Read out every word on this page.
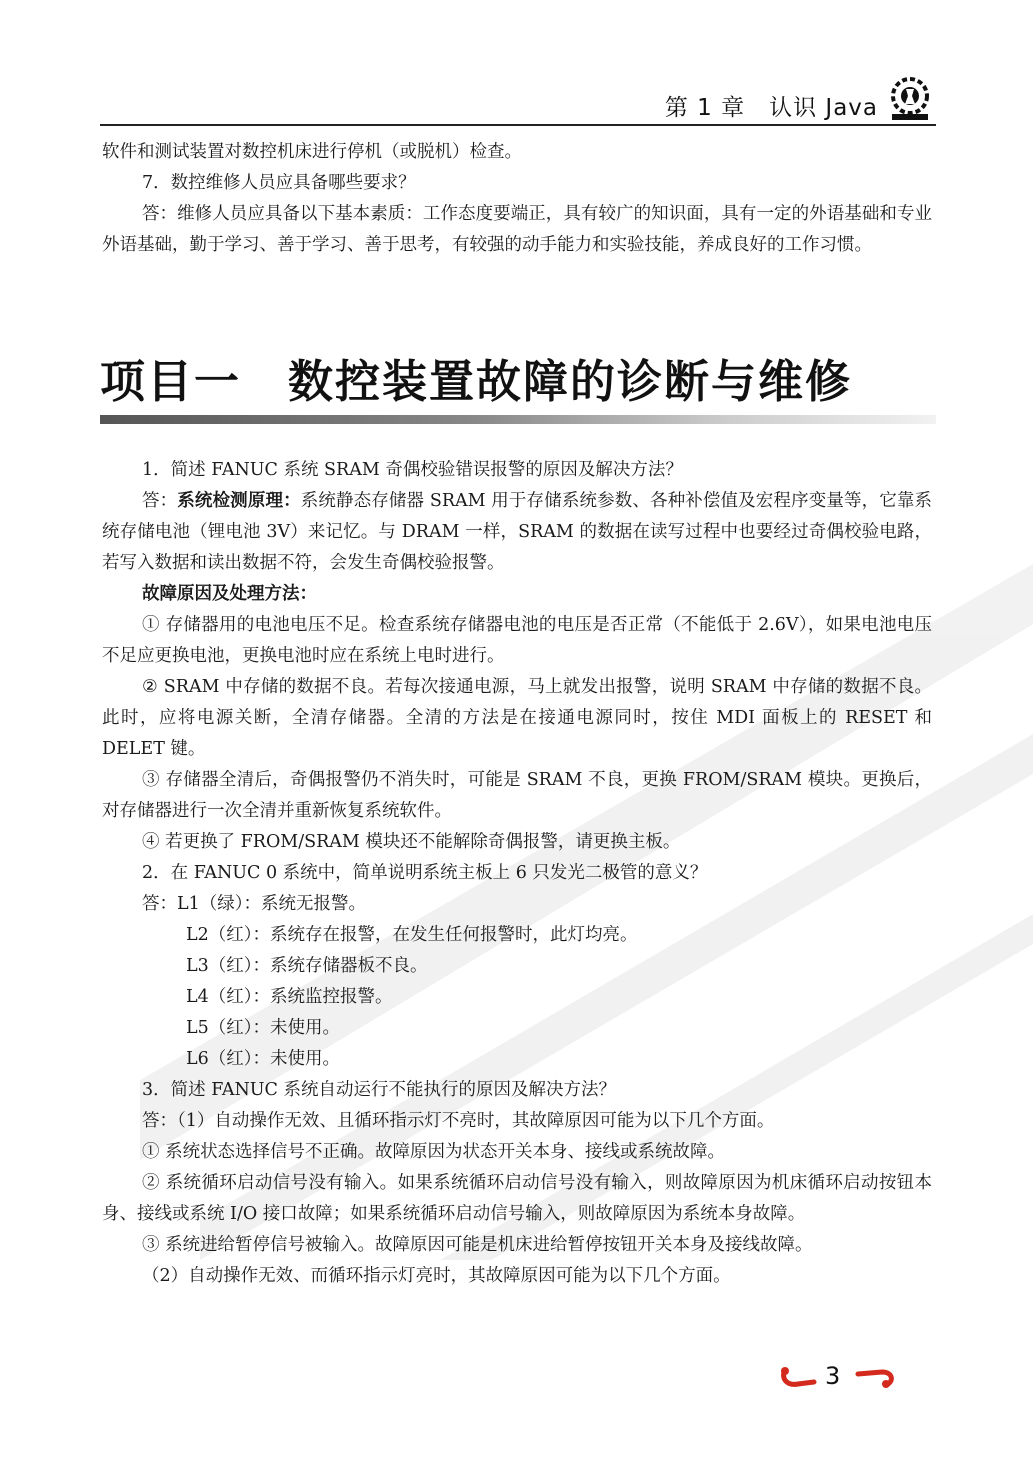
第 1 章　认识 Java

软件和测试装置对数控机床进行停机（或脱机）检查。

7．数控维修人员应具备哪些要求？

答：维修人员应具备以下基本素质：工作态度要端正，具有较广的知识面，具有一定的外语基础和专业外语基础，勤于学习、善于学习、善于思考，有较强的动手能力和实验技能，养成良好的工作习惯。

项目一　数控装置故障的诊断与维修

1．简述 FANUC 系统 SRAM 奇偶校验错误报警的原因及解决方法？

答：系统检测原理：系统静态存储器 SRAM 用于存储系统参数、各种补偿值及宏程序变量等，它靠系统存储电池（锂电池 3V）来记忆。与 DRAM 一样，SRAM 的数据在读写过程中也要经过奇偶校验电路，若写入数据和读出数据不符，会发生奇偶校验报警。

故障原因及处理方法：

① 存储器用的电池电压不足。检查系统存储器电池的电压是否正常（不能低于 2.6V），如果电池电压不足应更换电池，更换电池时应在系统上电时进行。

② SRAM 中存储的数据不良。若每次接通电源，马上就发出报警，说明 SRAM 中存储的数据不良。此时，应将电源关断，全清存储器。全清的方法是在接通电源同时，按住 MDI 面板上的 RESET 和 DELET 键。

③ 存储器全清后，奇偶报警仍不消失时，可能是 SRAM 不良，更换 FROM/SRAM 模块。更换后，对存储器进行一次全清并重新恢复系统软件。

④ 若更换了 FROM/SRAM 模块还不能解除奇偶报警，请更换主板。

2．在 FANUC 0 系统中，简单说明系统主板上 6 只发光二极管的意义？

答：L1（绿）：系统无报警。

L2（红）：系统存在报警，在发生任何报警时，此灯均亮。

L3（红）：系统存储器板不良。

L4（红）：系统监控报警。

L5（红）：未使用。

L6（红）：未使用。

3．简述 FANUC 系统自动运行不能执行的原因及解决方法？

答：（1）自动操作无效、且循环指示灯不亮时，其故障原因可能为以下几个方面。

① 系统状态选择信号不正确。故障原因为状态开关本身、接线或系统故障。

② 系统循环启动信号没有输入。如果系统循环启动信号没有输入，则故障原因为机床循环启动按钮本身、接线或系统 I/O 接口故障；如果系统循环启动信号输入，则故障原因为系统本身故障。

③ 系统进给暂停信号被输入。故障原因可能是机床进给暂停按钮开关本身及接线故障。

（2）自动操作无效、而循环指示灯亮时，其故障原因可能为以下几个方面。

3
